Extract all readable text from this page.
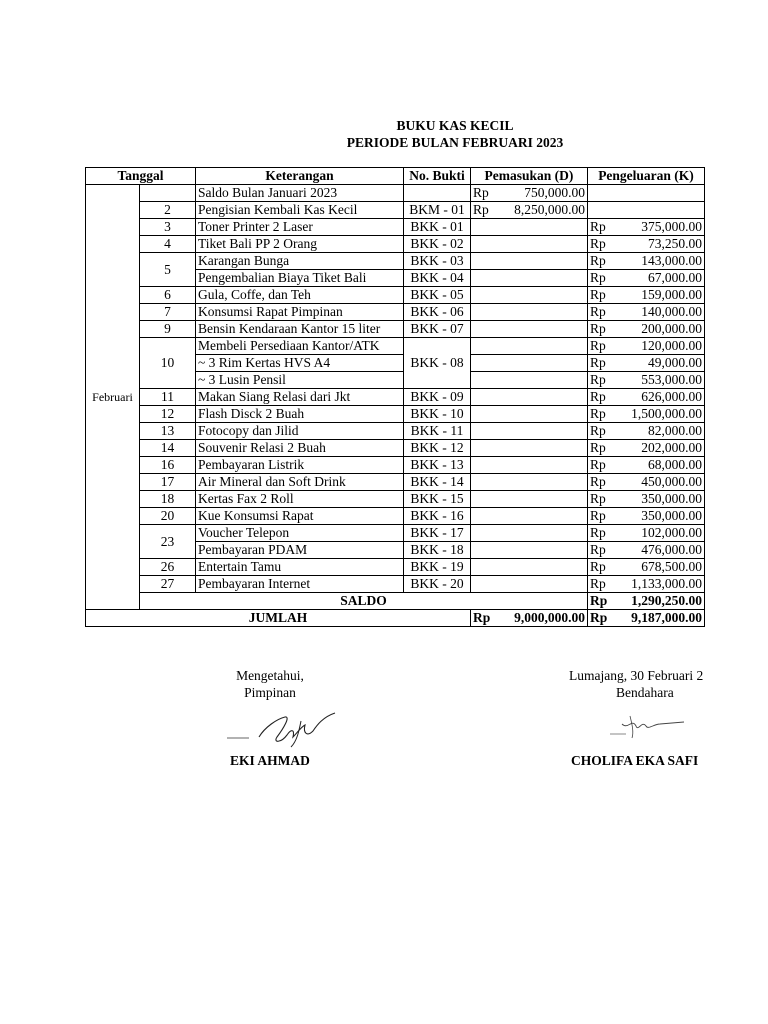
BUKU KAS KECIL
PERIODE BULAN FEBRUARI 2023
Tanggal		Keterangan	No. Bukti	Pemasukan (D)	Pengeluaran (K)
Februari		Saldo Bulan Januari 2023		Rp 750,000.00	

	2	Pengisian Kembali Kas Kecil	BKM - 01	Rp 8,250,000.00	

	3	Toner Printer 2 Laser	BKK - 01		Rp 375,000.00

	4	Tiket Bali PP 2 Orang	BKK - 02		Rp 73,250.00

	5	Karangan Bunga	BKK - 03		Rp 143,000.00

		Pengembalian Biaya Tiket Bali	BKK - 04		Rp 67,000.00

	6	Gula, Coffe, dan Teh	BKK - 05		Rp 159,000.00

	7	Konsumsi Rapat Pimpinan	BKK - 06		Rp 140,000.00

	9	Bensin Kendaraan Kantor 15 liter	BKK - 07		Rp 200,000.00

	10	Membeli Persediaan Kantor/ATK	BKK - 08		Rp 120,000.00

		~ 3 Rim Kertas HVS A4			Rp 49,000.00

		~ 3 Lusin Pensil			Rp 553,000.00

	11	Makan Siang Relasi dari Jkt	BKK - 09		Rp 626,000.00

	12	Flash Disck 2 Buah	BKK - 10		Rp 1,500,000.00

	13	Fotocopy dan Jilid	BKK - 11		Rp 82,000.00

	14	Souvenir Relasi 2 Buah	BKK - 12		Rp 202,000.00

	16	Pembayaran Listrik	BKK - 13		Rp 68,000.00

	17	Air Mineral dan Soft Drink	BKK - 14		Rp 450,000.00

	18	Kertas Fax 2 Roll	BKK - 15		Rp 350,000.00

	20	Kue Konsumsi Rapat	BKK - 16		Rp 350,000.00

	23	Voucher Telepon	BKK - 17		Rp 102,000.00

		Pembayaran PDAM	BKK - 18		Rp 476,000.00

	26	Entertain Tamu	BKK - 19		Rp 678,500.00

	27	Pembayaran Internet	BKK - 20		Rp 1,133,000.00

	SALDO				Rp 1,290,250.00

JUMLAH				Rp 9,000,000.00	Rp 9,187,000.00
Mengetahui,
Pimpinan
EKI AHMAD
Lumajang, 30 Februari 2
Bendahara
CHOLIFA EKA SAFI
